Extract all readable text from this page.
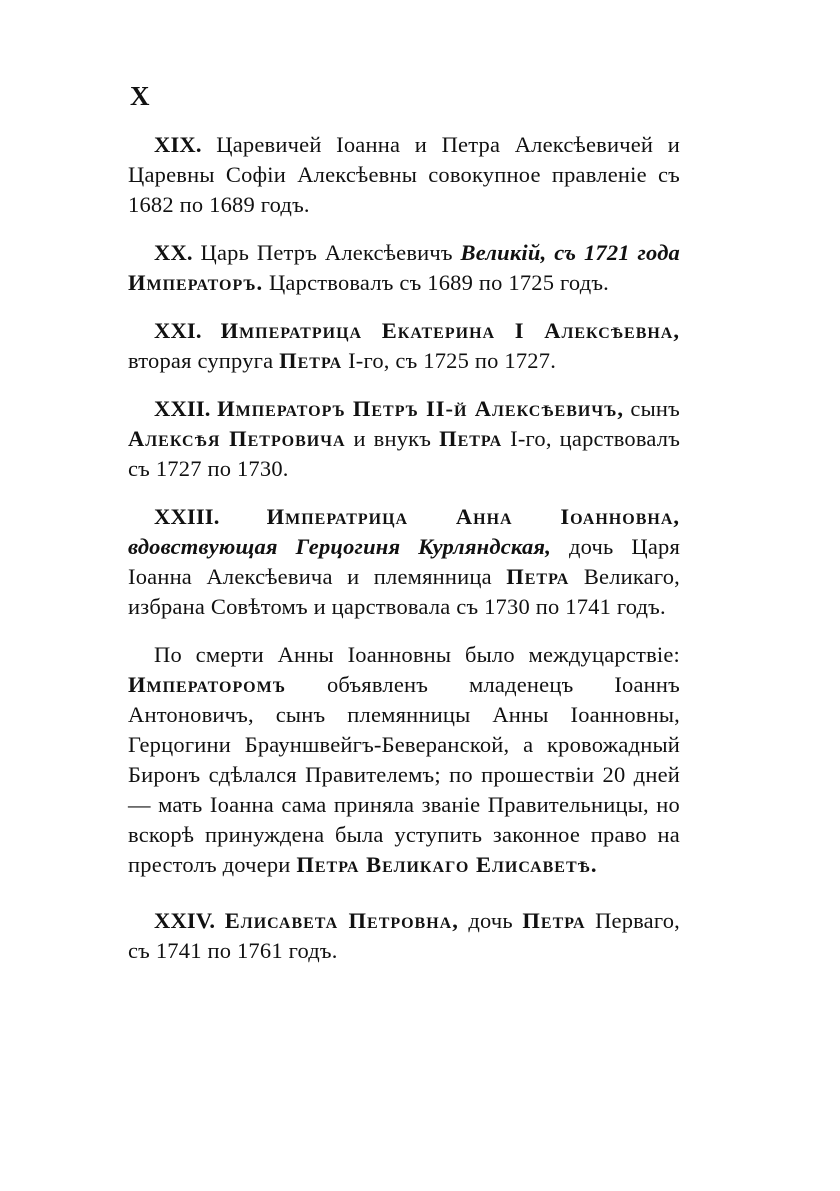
X

XIX. Царевичей Іоанна и Петра Алексѣевичей и Царевны Софіи Алексѣевны совокупное правленіе съ 1682 по 1689 годъ.

XX. Царь Петръ Алексѣевичъ Великій, съ 1721 года Императоръ. Царствовалъ съ 1689 по 1725 годъ.

XXI. Императрица Екатерина I Алексѣевна, вторая супруга Петра I-го, съ 1725 по 1727.

XXII. Императоръ Петръ II-й Алексѣевичъ, сынъ Алексѣя Петровича и внукъ Петра I-го, царствовалъ съ 1727 по 1730.

XXIII. Императрица Анна Іоанновна, вдовствующая Герцогиня Курляндская, дочь Царя Іоанна Алексѣевича и племянница Петра Великаго, избрана Совѣтомъ и царствовала съ 1730 по 1741 годъ.

По смерти Анны Іоанновны было междуцарствіе: Императоромъ объявленъ младенецъ Іоаннъ Антоновичъ, сынъ племянницы Анны Іоанновны, Герцогини Брауншвейгъ-Беверанской, а кровожадный Биронъ сдѣлался Правителемъ; по прошествіи 20 дней — мать Іоанна сама приняла званіе Правительницы, но вскорѣ принуждена была уступить законное право на престолъ дочери Петра Великаго Елисаветѣ.

XXIV. Елисавета Петровна, дочь Петра Перваго, съ 1741 по 1761 годъ.
